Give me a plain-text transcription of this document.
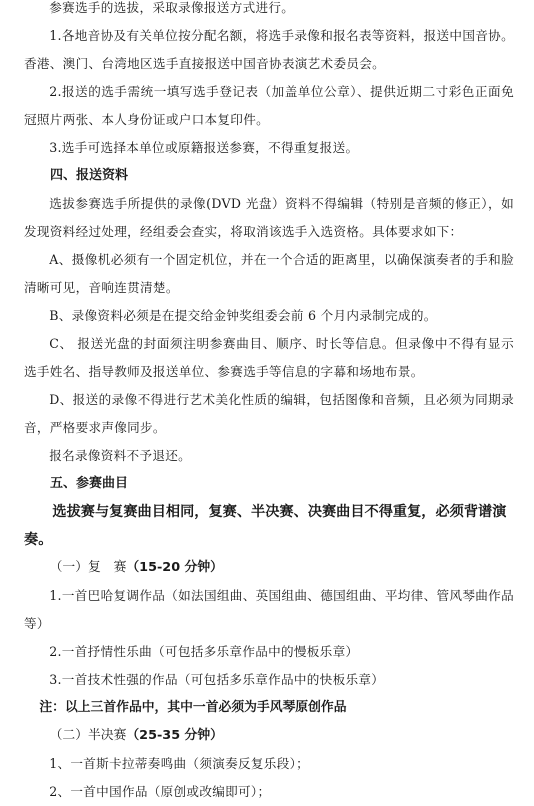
参赛选手的选拔，采取录像报送方式进行。

1.各地音协及有关单位按分配名额，将选手录像和报名表等资料，报送中国音协。香港、澳门、台湾地区选手直接报送中国音协表演艺术委员会。

2.报送的选手需统一填写选手登记表（加盖单位公章）、提供近期二寸彩色正面免冠照片两张、本人身份证或户口本复印件。

3.选手可选择本单位或原籍报送参赛，不得重复报送。

四、报送资料

选拔参赛选手所提供的录像(DVD 光盘）资料不得编辑（特别是音频的修正），如发现资料经过处理，经组委会查实，将取消该选手入选资格。具体要求如下：

A、摄像机必须有一个固定机位，并在一个合适的距离里，以确保演奏者的手和脸清晰可见，音响连贯清楚。

B、录像资料必须是在提交给金钟奖组委会前 6 个月内录制完成的。

C、 报送光盘的封面须注明参赛曲目、顺序、时长等信息。但录像中不得有显示选手姓名、指导教师及报送单位、参赛选手等信息的字幕和场地布景。

D、报送的录像不得进行艺术美化性质的编辑，包括图像和音频，且必须为同期录音，严格要求声像同步。

报名录像资料不予退还。

五、参赛曲目

选拔赛与复赛曲目相同，复赛、半决赛、决赛曲目不得重复，必须背谱演奏。

（一）复　赛（15-20 分钟）

1.一首巴哈复调作品（如法国组曲、英国组曲、德国组曲、平均律、管风琴曲作品等）

2.一首抒情性乐曲（可包括多乐章作品中的慢板乐章）

3.一首技术性强的作品（可包括多乐章作品中的快板乐章）

注：以上三首作品中，其中一首必须为手风琴原创作品

（二）半决赛（25-35 分钟）

1、一首斯卡拉蒂奏鸣曲（须演奏反复乐段）；

2、一首中国作品（原创或改编即可）；
